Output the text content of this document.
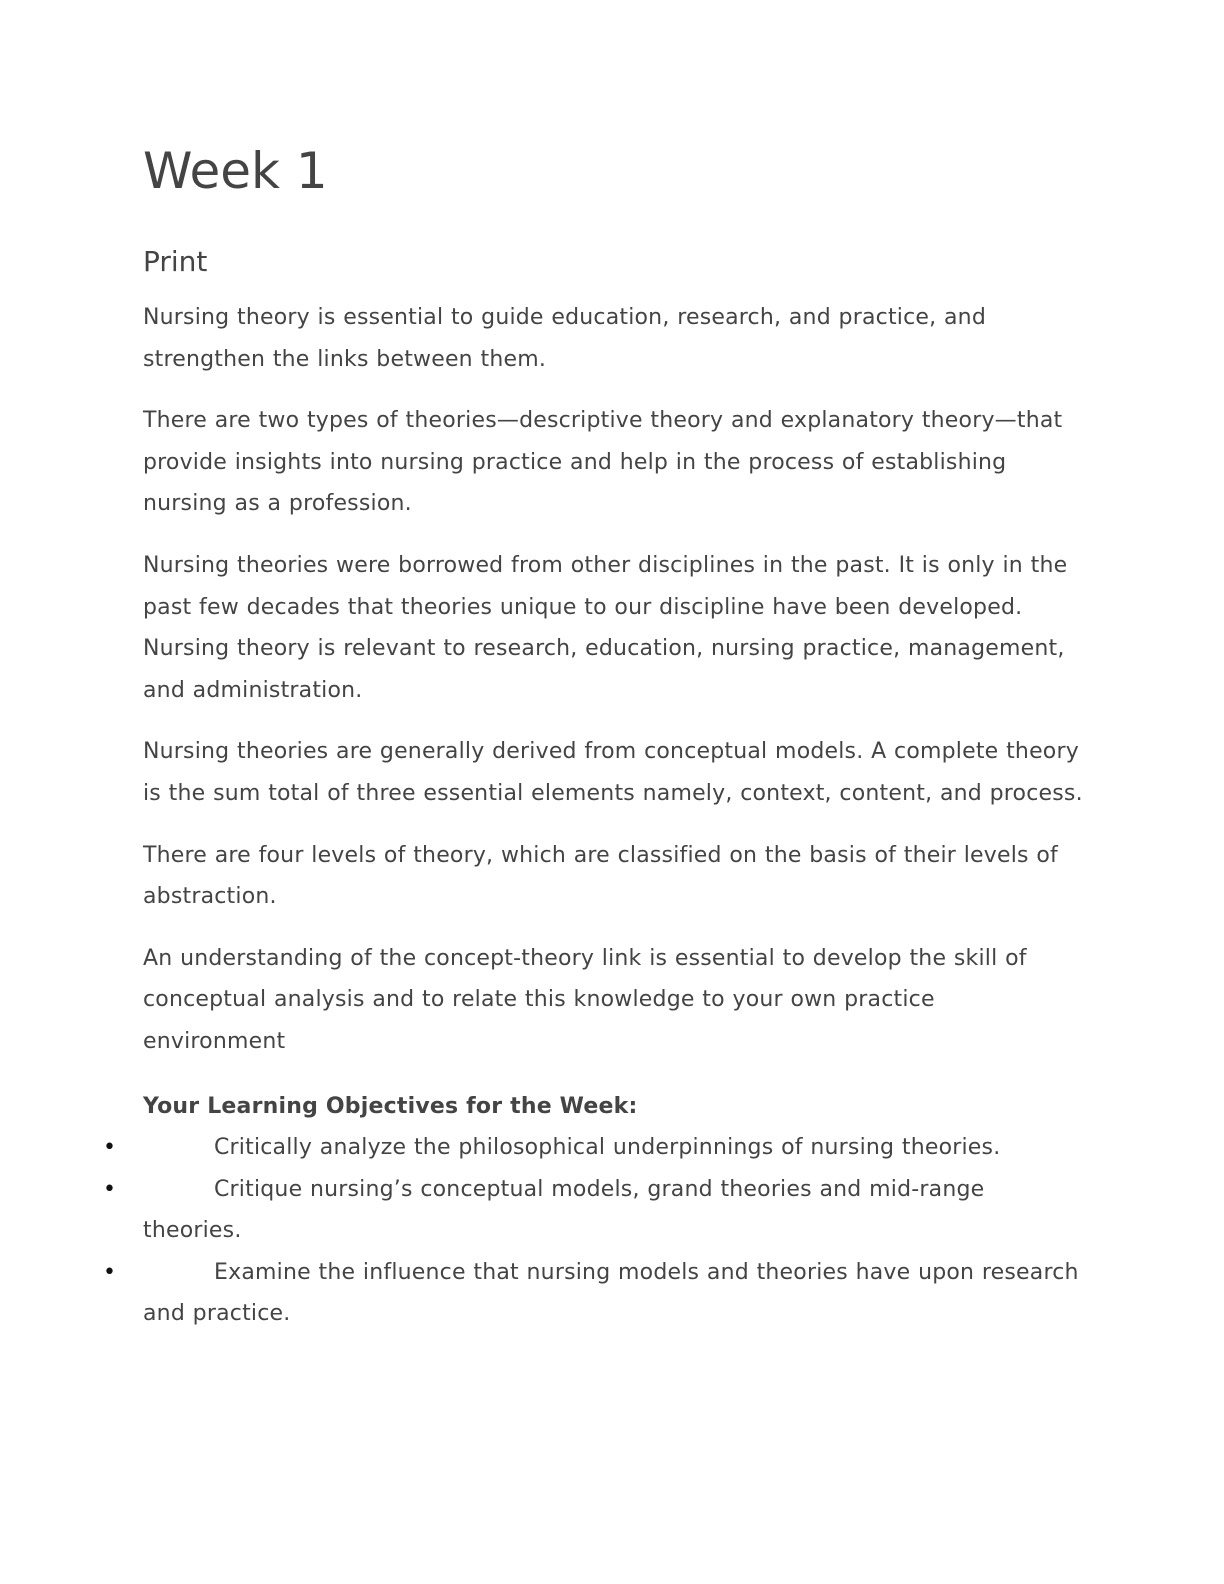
Week 1
Print

Nursing theory is essential to guide education, research, and practice, and strengthen the links between them.

There are two types of theories—descriptive theory and explanatory theory—that provide insights into nursing practice and help in the process of establishing nursing as a profession.

Nursing theories were borrowed from other disciplines in the past. It is only in the past few decades that theories unique to our discipline have been developed. Nursing theory is relevant to research, education, nursing practice, management, and administration.

Nursing theories are generally derived from conceptual models. A complete theory is the sum total of three essential elements namely, context, content, and process.

There are four levels of theory, which are classified on the basis of their levels of abstraction.

An understanding of the concept-theory link is essential to develop the skill of conceptual analysis and to relate this knowledge to your own practice environment

Your Learning Objectives for the Week:

•	Critically analyze the philosophical underpinnings of nursing theories.
•	Critique nursing’s conceptual models, grand theories and mid-range theories.
•	Examine the influence that nursing models and theories have upon research and practice.
